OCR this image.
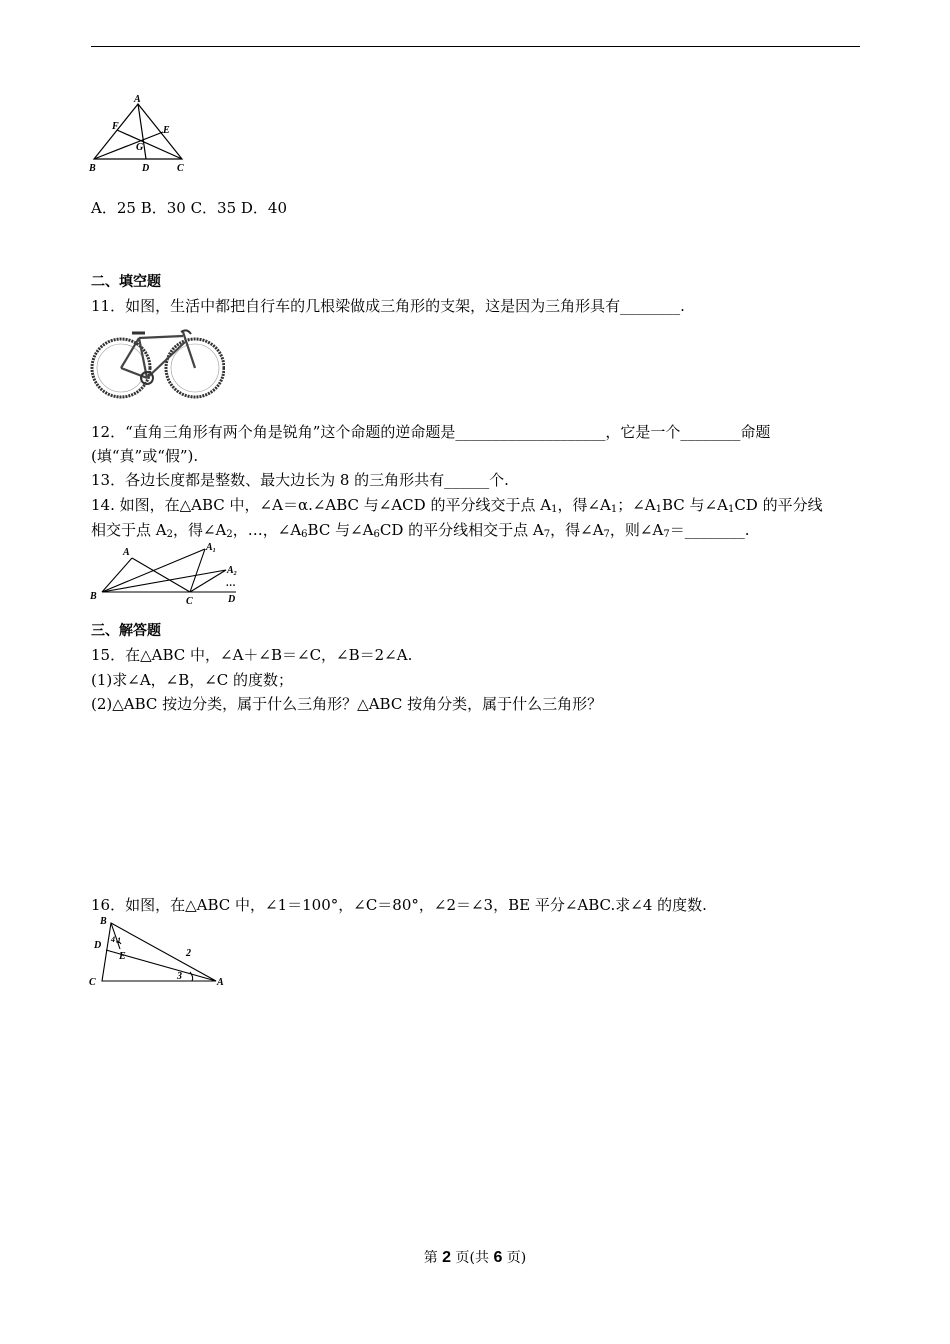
A
F	E
G
B	D	C
A．25 B．30 C．35 D．40
二、填空题
11．如图，生活中都把自行车的几根梁做成三角形的支架，这是因为三角形具有________.
12．“直角三角形有两个角是锐角”这个命题的逆命题是____________________，它是一个________命题
(填“真”或“假”).
13．各边长度都是整数、最大边长为 8 的三角形共有______个.
14. 如图，在△ABC 中，∠A＝α.∠ABC 与∠ACD 的平分线交于点 $A_1$，得$\angle A_1$；$\angle A_1BC$ 与$\angle A_1CD$ 的平分线
相交于点 $A_2$，得$\angle A_2$，…，$\angle A_6BC$ 与$\angle A_6CD$ 的平分线相交于点 $A_7$，得$\angle A_7$，则$\angle A_7=\_\_\_\_\_\_\_\_$.
A	$A_1$
$A_2$
…
B	C	D
三、解答题
15．在△ABC 中，∠A＋∠B＝∠C，∠B＝2∠A.
(1)求∠A，∠B，∠C 的度数；
(2)△ABC 按边分类，属于什么三角形？△ABC 按角分类，属于什么三角形？
16．如图，在△ABC 中，∠1＝100°，∠C＝80°，∠2＝∠3，BE 平分∠ABC.求∠4 的度数.
B
D
4 1
E	2
3
C	A
第 2 页(共 6 页)
